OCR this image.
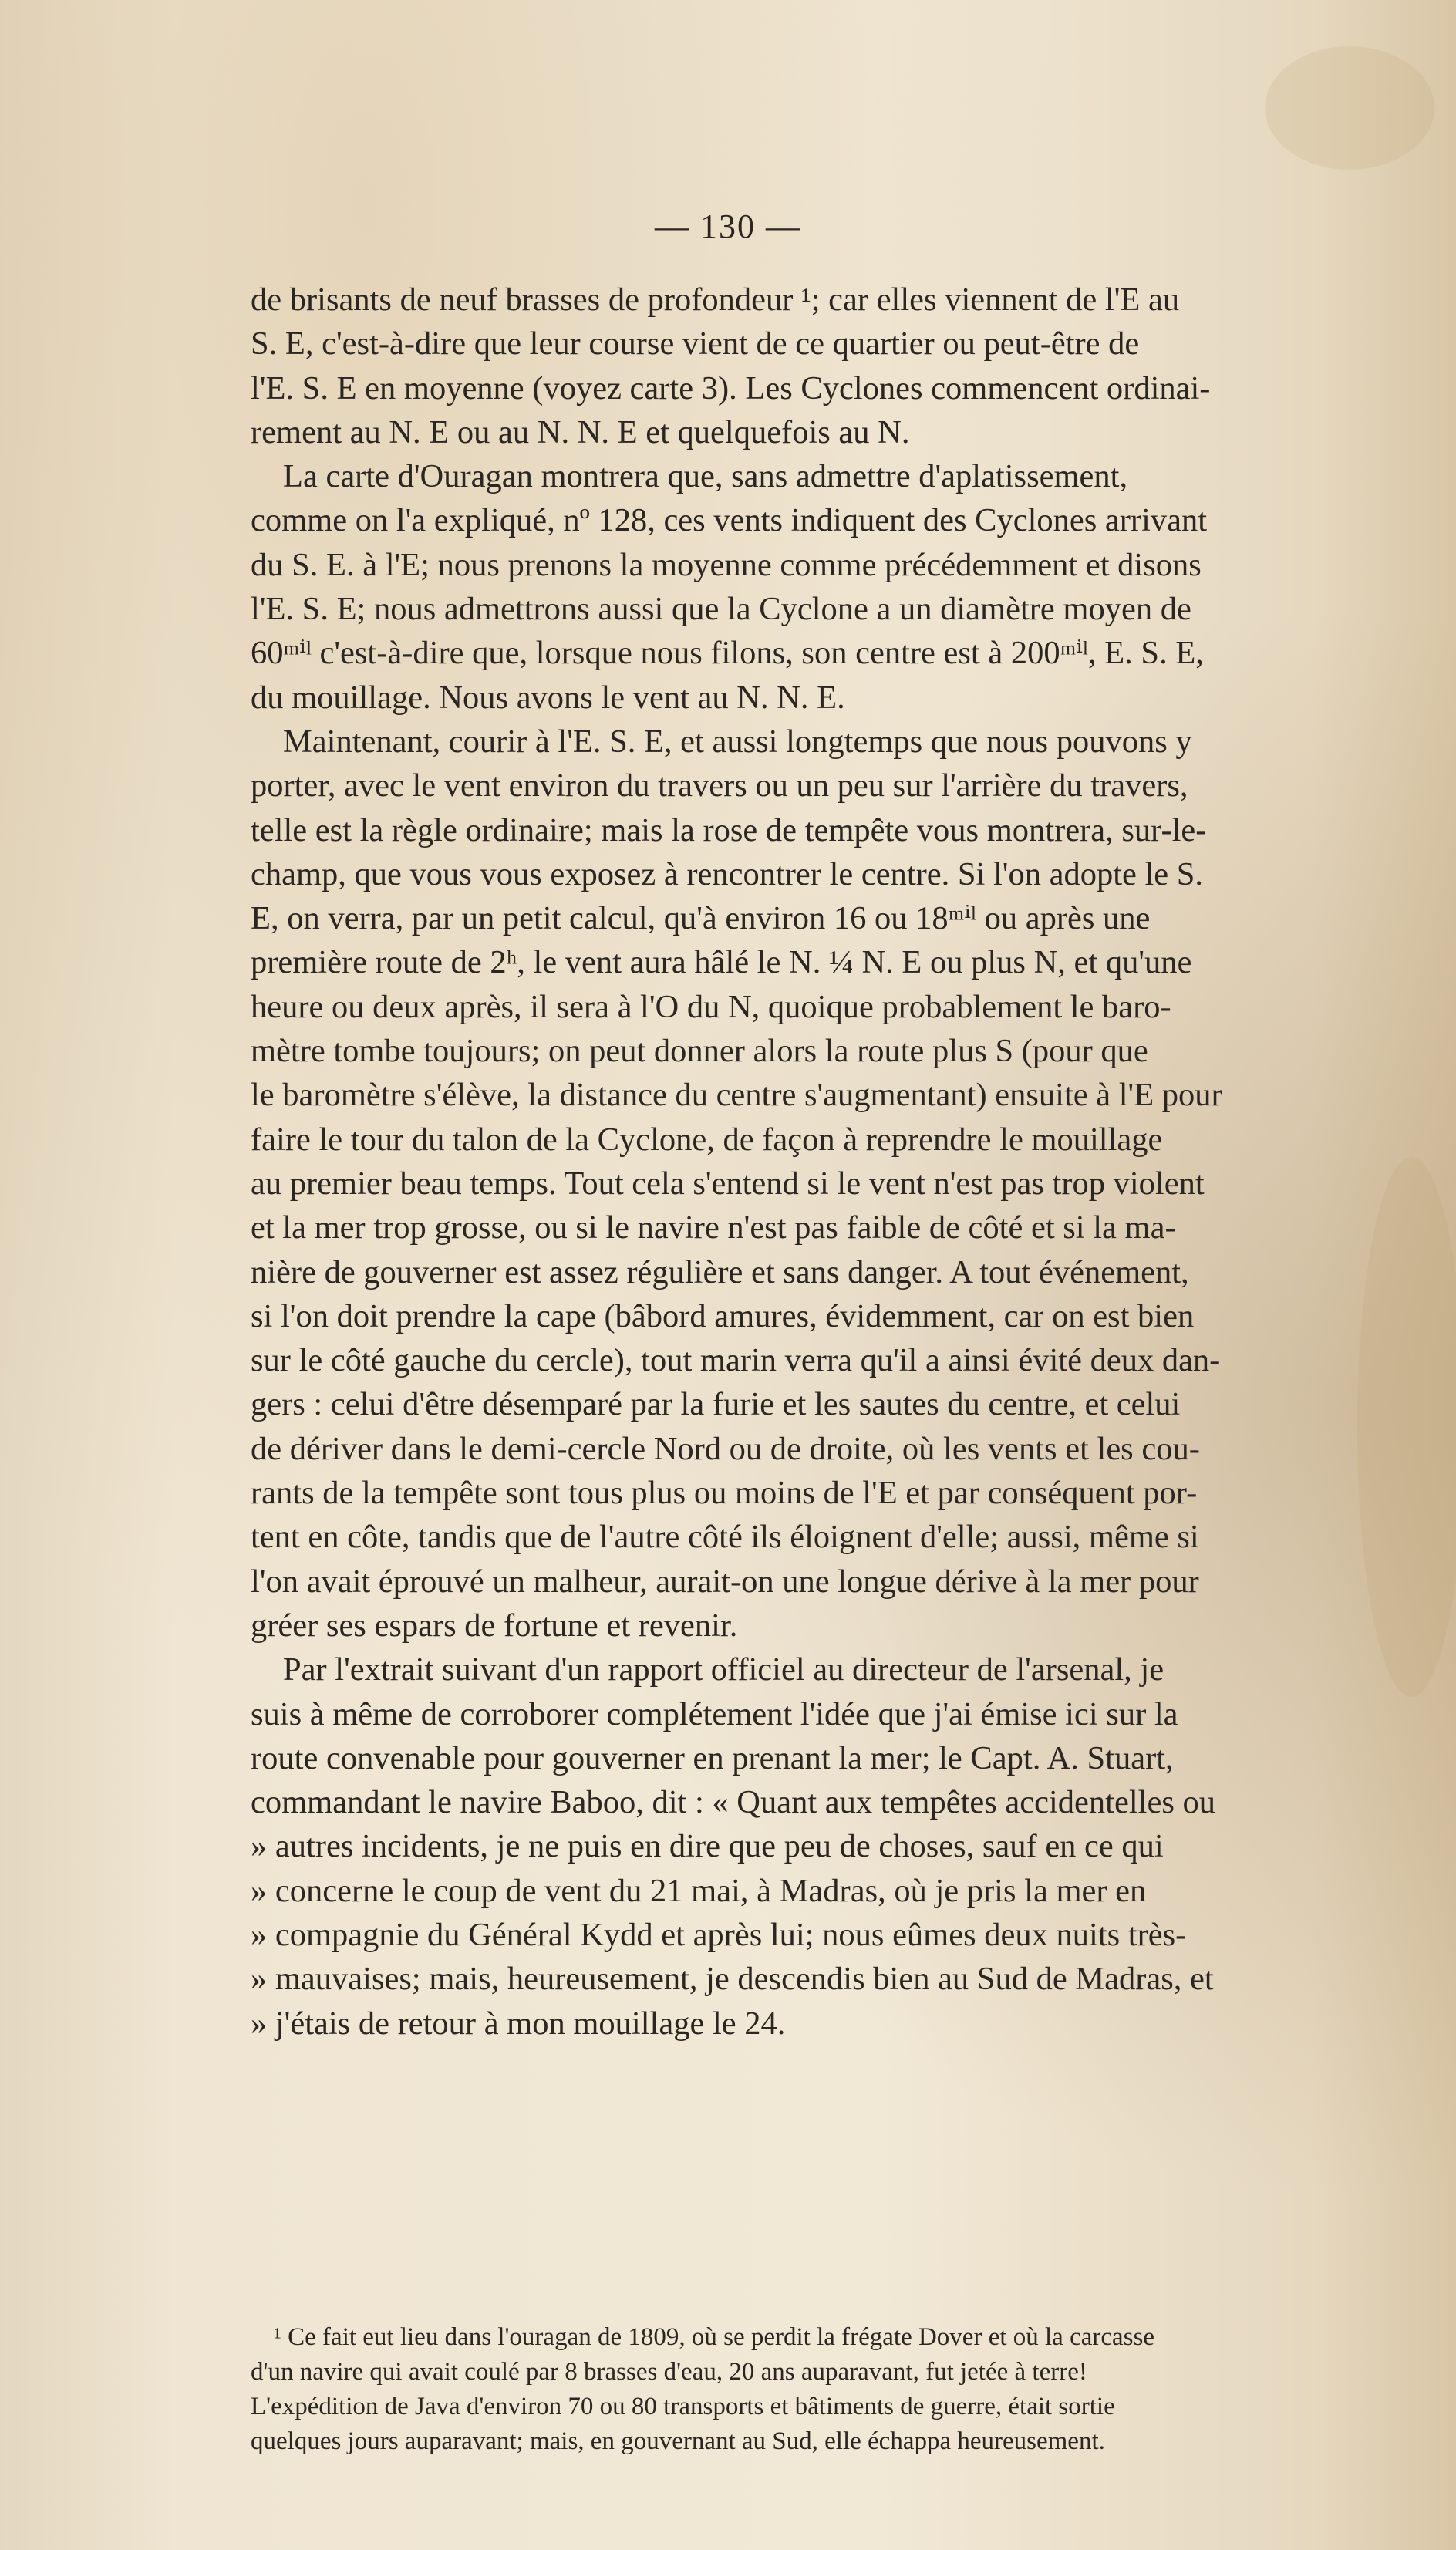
— 130 —
de brisants de neuf brasses de profondeur ¹; car elles viennent de l'E au
S. E, c'est-à-dire que leur course vient de ce quartier ou peut-être de
l'E. S. E en moyenne (voyez carte 3). Les Cyclones commencent ordinai-
rement au N. E ou au N. N. E et quelquefois au N.
La carte d'Ouragan montrera que, sans admettre d'aplatissement,
comme on l'a expliqué, nº 128, ces vents indiquent des Cyclones arrivant
du S. E. à l'E; nous prenons la moyenne comme précédemment et disons
l'E. S. E; nous admettrons aussi que la Cyclone a un diamètre moyen de
60ᵐⁱˡ c'est-à-dire que, lorsque nous filons, son centre est à 200ᵐⁱˡ, E. S. E,
du mouillage. Nous avons le vent au N. N. E.
Maintenant, courir à l'E. S. E, et aussi longtemps que nous pouvons y
porter, avec le vent environ du travers ou un peu sur l'arrière du travers,
telle est la règle ordinaire; mais la rose de tempête vous montrera, sur-le-
champ, que vous vous exposez à rencontrer le centre. Si l'on adopte le S.
E, on verra, par un petit calcul, qu'à environ 16 ou 18ᵐⁱˡ ou après une
première route de 2ʰ, le vent aura hâlé le N. ¼ N. E ou plus N, et qu'une
heure ou deux après, il sera à l'O du N, quoique probablement le baro-
mètre tombe toujours; on peut donner alors la route plus S (pour que
le baromètre s'élève, la distance du centre s'augmentant) ensuite à l'E pour
faire le tour du talon de la Cyclone, de façon à reprendre le mouillage
au premier beau temps. Tout cela s'entend si le vent n'est pas trop violent
et la mer trop grosse, ou si le navire n'est pas faible de côté et si la ma-
nière de gouverner est assez régulière et sans danger. A tout événement,
si l'on doit prendre la cape (bâbord amures, évidemment, car on est bien
sur le côté gauche du cercle), tout marin verra qu'il a ainsi évité deux dan-
gers : celui d'être désemparé par la furie et les sautes du centre, et celui
de dériver dans le demi-cercle Nord ou de droite, où les vents et les cou-
rants de la tempête sont tous plus ou moins de l'E et par conséquent por-
tent en côte, tandis que de l'autre côté ils éloignent d'elle; aussi, même si
l'on avait éprouvé un malheur, aurait-on une longue dérive à la mer pour
gréer ses espars de fortune et revenir.
Par l'extrait suivant d'un rapport officiel au directeur de l'arsenal, je
suis à même de corroborer complétement l'idée que j'ai émise ici sur la
route convenable pour gouverner en prenant la mer; le Capt. A. Stuart,
commandant le navire Baboo, dit : « Quant aux tempêtes accidentelles ou
» autres incidents, je ne puis en dire que peu de choses, sauf en ce qui
» concerne le coup de vent du 21 mai, à Madras, où je pris la mer en
» compagnie du Général Kydd et après lui; nous eûmes deux nuits très-
» mauvaises; mais, heureusement, je descendis bien au Sud de Madras, et
» j'étais de retour à mon mouillage le 24.
¹ Ce fait eut lieu dans l'ouragan de 1809, où se perdit la frégate Dover et où la carcasse
d'un navire qui avait coulé par 8 brasses d'eau, 20 ans auparavant, fut jetée à terre!
L'expédition de Java d'environ 70 ou 80 transports et bâtiments de guerre, était sortie
quelques jours auparavant; mais, en gouvernant au Sud, elle échappa heureusement.
